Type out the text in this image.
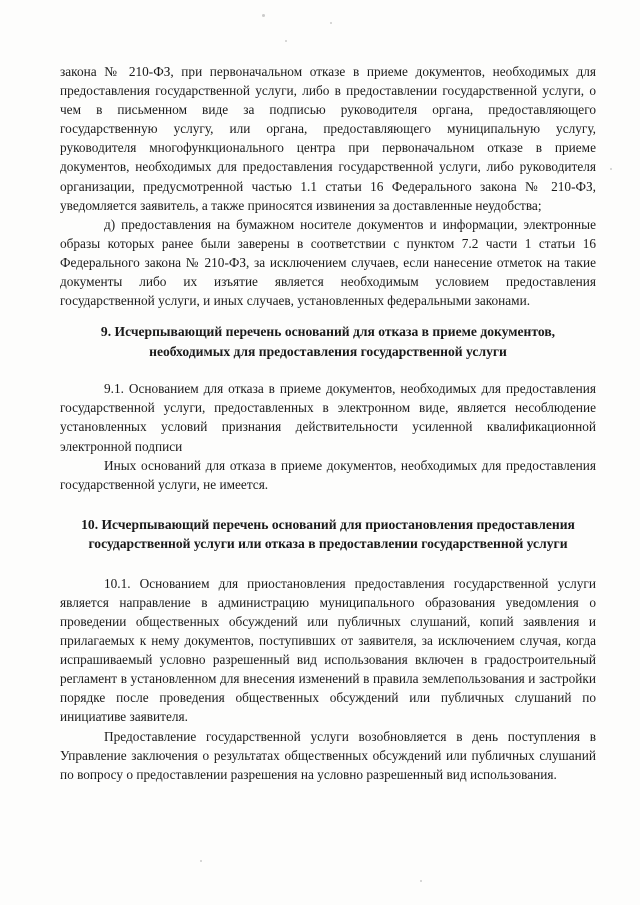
закона № 210-ФЗ, при первоначальном отказе в приеме документов, необходимых для предоставления государственной услуги, либо в предоставлении государственной услуги, о чем в письменном виде за подписью руководителя органа, предоставляющего государственную услугу, или органа, предоставляющего муниципальную услугу, руководителя многофункционального центра при первоначальном отказе в приеме документов, необходимых для предоставления государственной услуги, либо руководителя организации, предусмотренной частью 1.1 статьи 16 Федерального закона № 210-ФЗ, уведомляется заявитель, а также приносятся извинения за доставленные неудобства;

д) предоставления на бумажном носителе документов и информации, электронные образы которых ранее были заверены в соответствии с пунктом 7.2 части 1 статьи 16 Федерального закона № 210-ФЗ, за исключением случаев, если нанесение отметок на такие документы либо их изъятие является необходимым условием предоставления государственной услуги, и иных случаев, установленных федеральными законами.

9. Исчерпывающий перечень оснований для отказа в приеме документов, необходимых для предоставления государственной услуги

9.1. Основанием для отказа в приеме документов, необходимых для предоставления государственной услуги, предоставленных в электронном виде, является несоблюдение установленных условий признания действительности усиленной квалификационной электронной подписи

Иных оснований для отказа в приеме документов, необходимых для предоставления государственной услуги, не имеется.

10. Исчерпывающий перечень оснований для приостановления предоставления государственной услуги или отказа в предоставлении государственной услуги

10.1. Основанием для приостановления предоставления государственной услуги является направление в администрацию муниципального образования уведомления о проведении общественных обсуждений или публичных слушаний, копий заявления и прилагаемых к нему документов, поступивших от заявителя, за исключением случая, когда испрашиваемый условно разрешенный вид использования включен в градостроительный регламент в установленном для внесения изменений в правила землепользования и застройки порядке после проведения общественных обсуждений или публичных слушаний по инициативе заявителя.

Предоставление государственной услуги возобновляется в день поступления в Управление заключения о результатах общественных обсуждений или публичных слушаний по вопросу о предоставлении разрешения на условно разрешенный вид использования.
